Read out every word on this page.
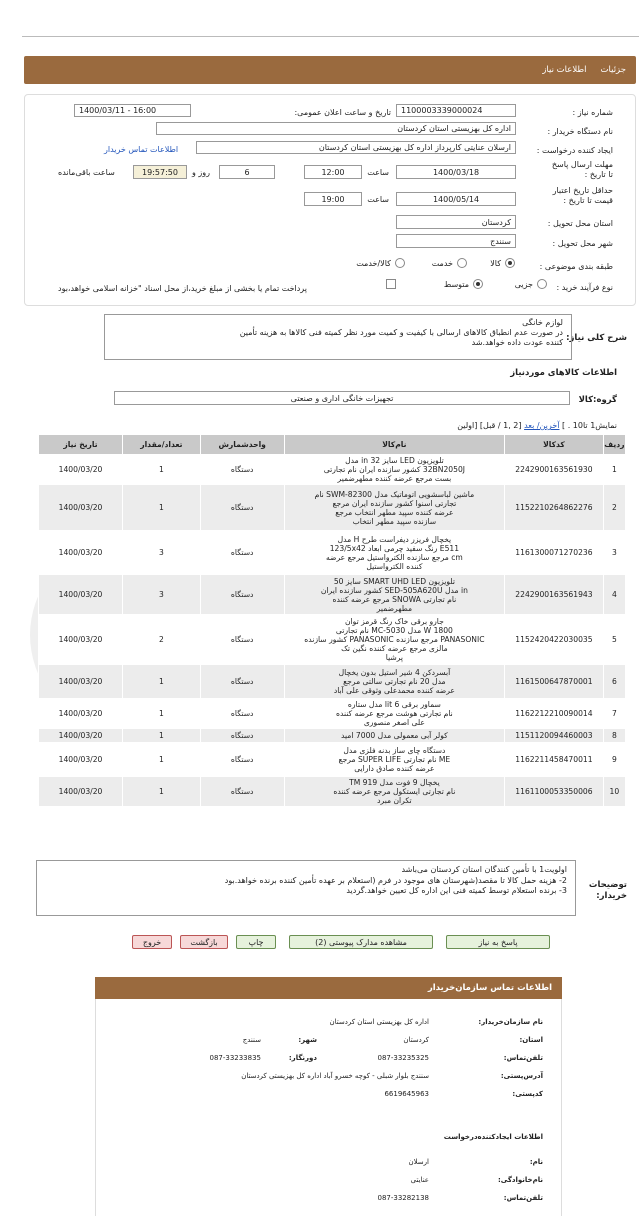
جزئیات
اطلاعات نیاز
شماره نیاز :
1100003339000024
تاریخ و ساعت اعلان عمومی:
1400/03/11 - 16:00
نام دستگاه خریدار :
اداره کل بهزیستی استان کردستان
ایجاد کننده درخواست :
ارسلان عنایتی کارپرداز اداره کل بهزیستی استان کردستان
اطلاعات تماس خریدار
مهلت ارسال پاسخ تا تاریخ :
1400/03/18
ساعت
12:00
6
روز و
19:57:50
ساعت باقی‌مانده
حداقل تاریخ اعتبار قیمت تا تاریخ :
1400/05/14
ساعت
19:00
استان محل تحویل :
کردستان
شهر محل تحویل :
سنندج
طبقه بندی موضوعی :
کالا
خدمت
کالا/خدمت
نوع فرآیند خرید :
جزیی
متوسط
پرداخت تمام یا بخشی از مبلغ خرید،از محل اسناد "خزانه اسلامی خواهد،بود
شرح کلی نیاز:
لوازم خانگی
در صورت عدم انطباق کالاهای ارسالی با کیفیت و کمیت مورد نظر کمیته فنی کالاها به هزینه تأمین
کننده عودت داده خواهد.شد
اطلاعات کالاهای موردنیاز
گروه:کالا
تجهیزات خانگی اداری و صنعتی
نمایش1 تا10 . ] آخرین/ بعد [2 ,1 / قبل] [اولین
ردیف	کدکالا	نام‌کالا	واحدشمارش	تعداد/مقدار	تاریخ نیاز
1	2242900163561930	تلویزیون LED سایز 32 in مدل
32BN2050J کشور سازنده ایران نام تجارتی
بست مرجع عرضه کننده مطهرضمیر	دستگاه	1	1400/03/20
2	1152210264862276	ماشین لباسشویی اتوماتیک مدل SWM-82300 نام
تجارتی اسنوا کشور سازنده ایران مرجع
عرضه کننده سپید مطهر انتخاب مرجع
سازنده سپید مطهر انتخاب	دستگاه	1	1400/03/20
3	1161300071270236	یخچال فریزر دیفراست طرح H مدل
E511 رنگ سفید چرمی ابعاد 123/5x42
cm مرجع سازنده الکترواستیل مرجع عرضه
کننده الکترواستیل	دستگاه	3	1400/03/20
4	2242900163561943	تلویزیون SMART UHD LED سایز 50
in مدل SED-505A620U کشور سازنده ایران
نام تجارتی SNOWA مرجع عرضه کننده
مطهرضمیر	دستگاه	3	1400/03/20
5	1152420422030035	جارو برقی خاک رنگ قرمز توان
1800 W مدل MC-5030 نام تجارتی
PANASONIC مرجع سازنده PANASONIC کشور سازنده
مالزی مرجع عرضه کننده نگین تک
پرشیا	دستگاه	2	1400/03/20
6	1161500647870001	آبسردکن 4 شیر استیل بدون یخچال
مدل 20 نام تجارتی سالتی مرجع
عرضه کننده محمدعلی وثوقی علی آباد	دستگاه	1	1400/03/20
7	1162212210090014	سماور برقی 6 lit مدل ستاره
نام تجارتی هوشت مرجع عرضه کننده
علی اصغر منصوری	دستگاه	1	1400/03/20
8	1151120094460003	کولر آبی معمولی مدل 7000 امید	دستگاه	1	1400/03/20
9	1162211458470011	دستگاه چای ساز بدنه فلزی مدل
ME نام تجارتی SUPER LIFE مرجع
عرضه کننده صادق دارایی	دستگاه	1	1400/03/20
10	1161100053350006	یخچال 9 فوت مدل TM 919
نام تجارتی ایستکول مرجع عرضه کننده
تکران مبرد	دستگاه	1	1400/03/20
توضیحات خریدار:
اولویت1 با تأمین کنندگان استان کردستان می‌باشد
2- هزینه حمل کالا تا مقصد(شهرستان های موجود در فرم (استعلام بر عهده تأمین کننده برنده خواهد.بود
3- برنده استعلام توسط کمیته فنی این اداره کل تعیین خواهد.گردید
پاسخ به نیاز
مشاهده مدارک پیوستی (2)
چاپ
بازگشت
خروج
اطلاعات تماس سازمان‌خریدار
نام سازمان‌خریدار:
اداره کل بهزیستی استان کردستان
استان:
کردستان
شهر:
سنندج
تلفن‌تماس:
087-33235325
دورنگار:
087-33233835
آدرس‌پستی:
سنندج بلوار شبلی - کوچه خسرو آباد اداره کل بهزیستی کردستان
کدپستی:
6619645963
اطلاعات ایجادکننده‌درخواست
نام:
ارسلان
نام‌خانوادگی:
عنایتی
تلفن‌تماس:
087-33282138
